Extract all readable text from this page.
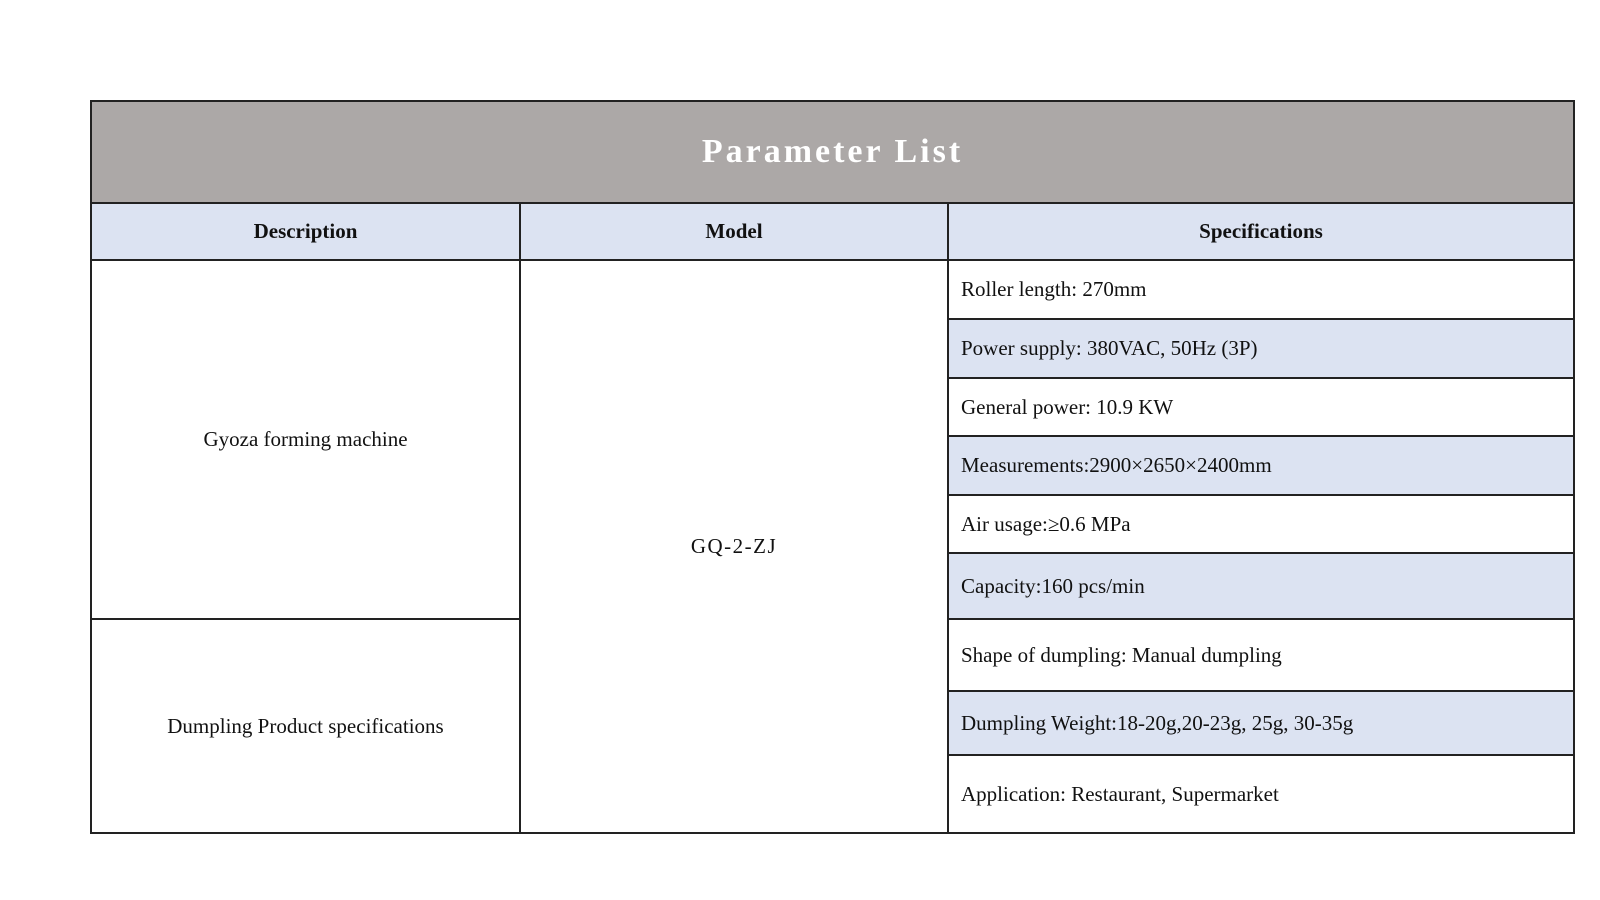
Parameter List
Description	Model	Specifications
Gyoza forming machine
Dumpling Product specifications
GQ-2-ZJ
Roller length: 270mm
Power supply: 380VAC, 50Hz (3P)
General power: 10.9 KW
Measurements:2900×2650×2400mm
Air usage:≥0.6 MPa
Capacity:160 pcs/min
Shape of dumpling: Manual dumpling
Dumpling Weight:18-20g,20-23g, 25g, 30-35g
Application: Restaurant, Supermarket
